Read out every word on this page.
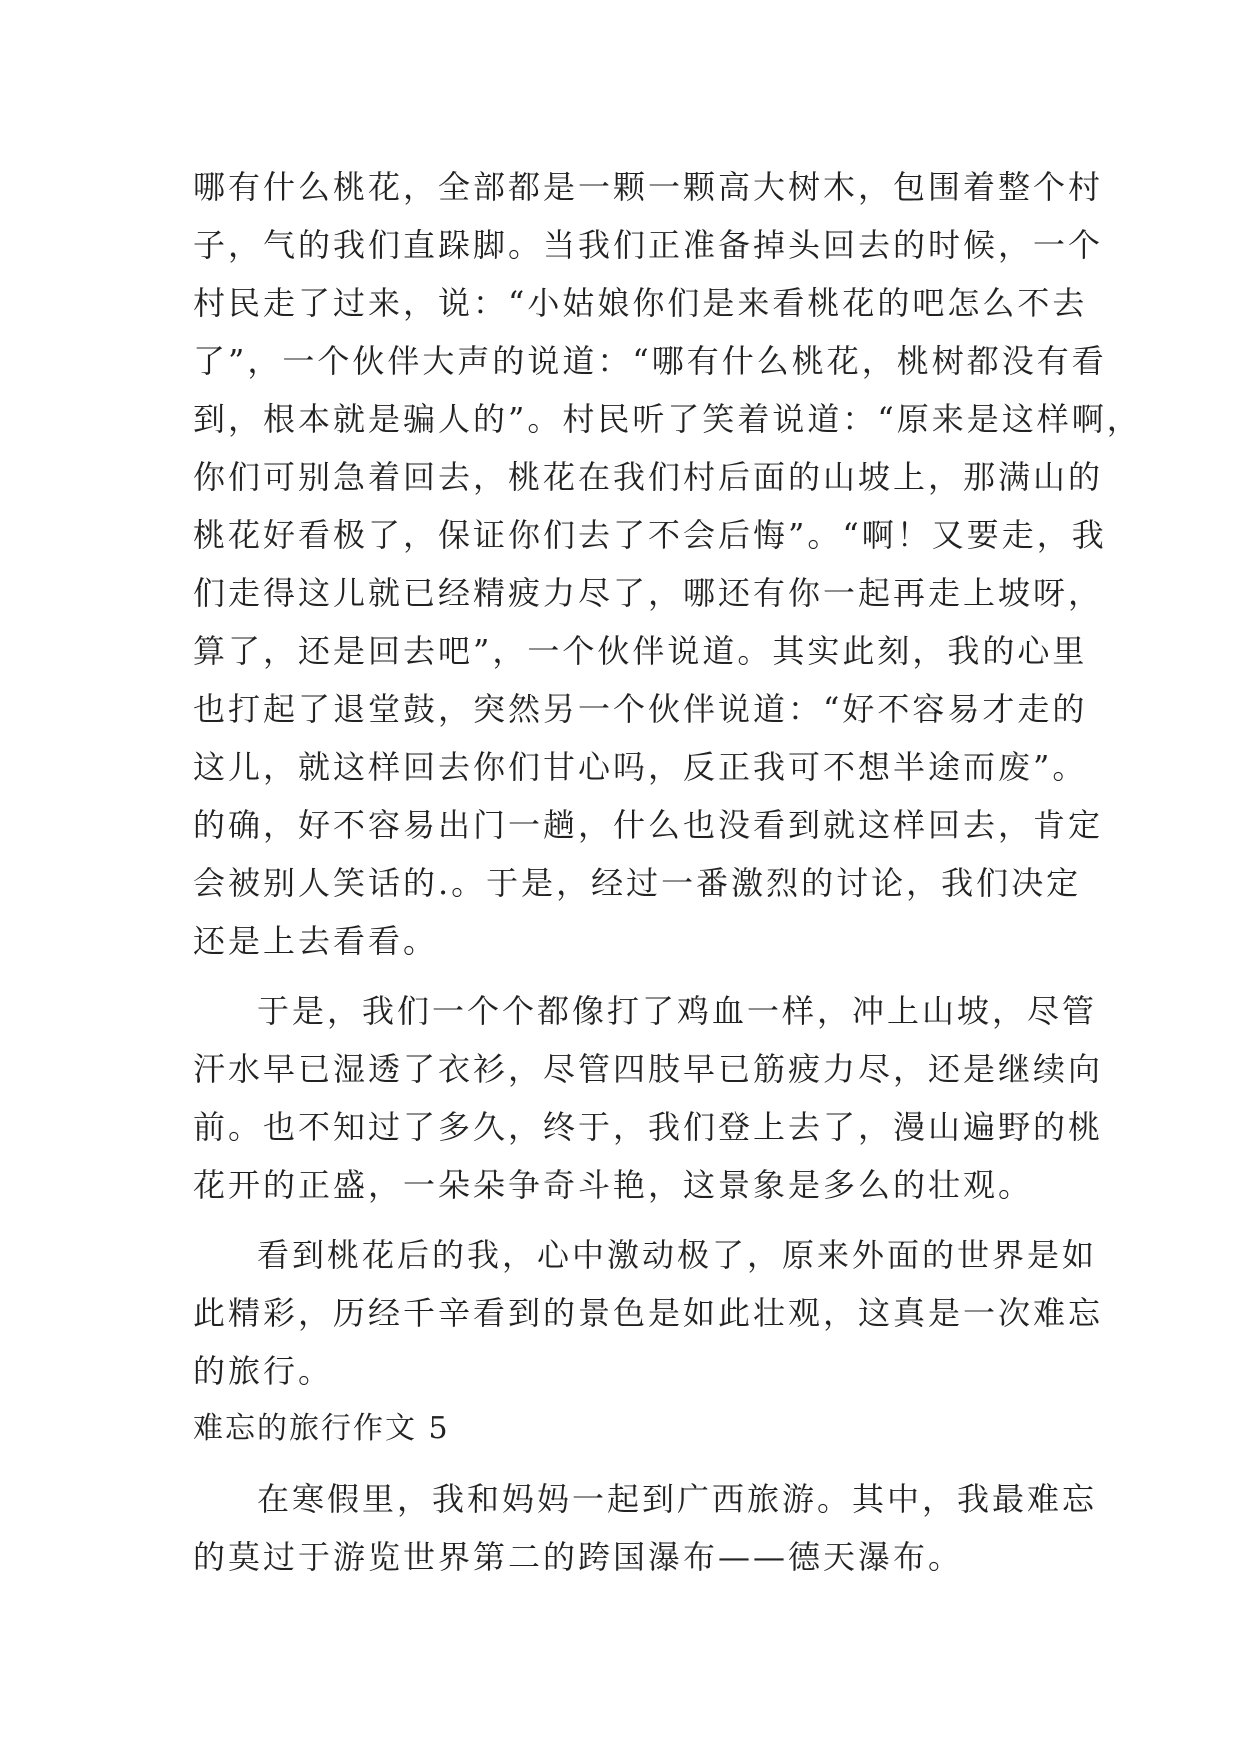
哪有什么桃花，全部都是一颗一颗高大树木，包围着整个村
子，气的我们直跺脚。当我们正准备掉头回去的时候，一个
村民走了过来，说：“小姑娘你们是来看桃花的吧怎么不去
了”，一个伙伴大声的说道：“哪有什么桃花，桃树都没有看
到，根本就是骗人的”。村民听了笑着说道：“原来是这样啊，
你们可别急着回去，桃花在我们村后面的山坡上，那满山的
桃花好看极了，保证你们去了不会后悔”。“啊！又要走，我
们走得这儿就已经精疲力尽了，哪还有你一起再走上坡呀，
算了，还是回去吧”，一个伙伴说道。其实此刻，我的心里
也打起了退堂鼓，突然另一个伙伴说道：“好不容易才走的
这儿，就这样回去你们甘心吗，反正我可不想半途而废”。
的确，好不容易出门一趟，什么也没看到就这样回去，肯定
会被别人笑话的.。于是，经过一番激烈的讨论，我们决定
还是上去看看。
于是，我们一个个都像打了鸡血一样，冲上山坡，尽管
汗水早已湿透了衣衫，尽管四肢早已筋疲力尽，还是继续向
前。也不知过了多久，终于，我们登上去了，漫山遍野的桃
花开的正盛，一朵朵争奇斗艳，这景象是多么的壮观。
看到桃花后的我，心中激动极了，原来外面的世界是如
此精彩，历经千辛看到的景色是如此壮观，这真是一次难忘
的旅行。
难忘的旅行作文 5
在寒假里，我和妈妈一起到广西旅游。其中，我最难忘
的莫过于游览世界第二的跨国瀑布——德天瀑布。
